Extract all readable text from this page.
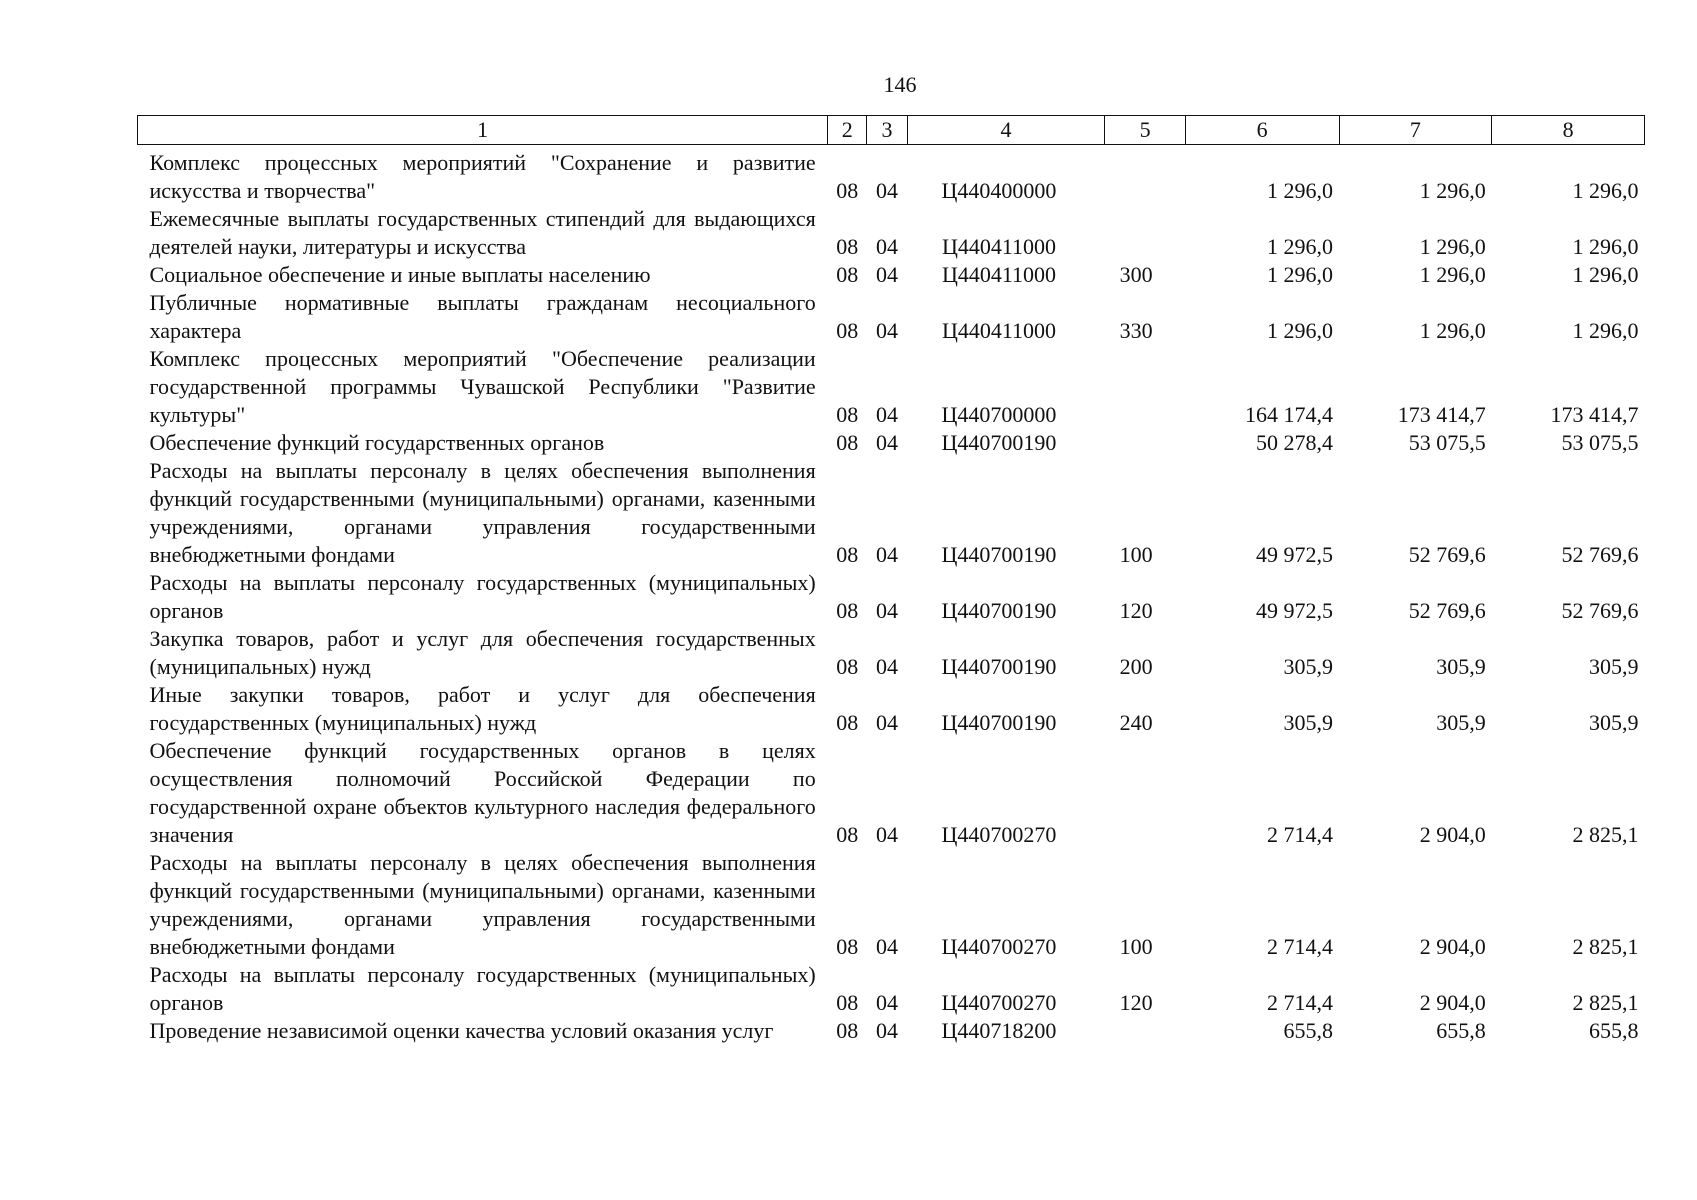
146
1	2	3	4	5	6	7	8
Комплекс процессных мероприятий "Сохранение и развитие искусства и творчества"	08	04	Ц440400000		1 296,0	1 296,0	1 296,0
Ежемесячные выплаты государственных стипендий для выдающихся деятелей науки, литературы и искусства	08	04	Ц440411000		1 296,0	1 296,0	1 296,0
Социальное обеспечение и иные выплаты населению	08	04	Ц440411000	300	1 296,0	1 296,0	1 296,0
Публичные нормативные выплаты гражданам несоциального характера	08	04	Ц440411000	330	1 296,0	1 296,0	1 296,0
Комплекс процессных мероприятий "Обеспечение реализации государственной программы Чувашской Республики "Развитие культуры"	08	04	Ц440700000		164 174,4	173 414,7	173 414,7
Обеспечение функций государственных органов	08	04	Ц440700190		50 278,4	53 075,5	53 075,5
Расходы на выплаты персоналу в целях обеспечения выполнения функций государственными (муниципальными) органами, казенными учреждениями, органами управления государственными внебюджетными фондами	08	04	Ц440700190	100	49 972,5	52 769,6	52 769,6
Расходы на выплаты персоналу государственных (муниципальных) органов	08	04	Ц440700190	120	49 972,5	52 769,6	52 769,6
Закупка товаров, работ и услуг для обеспечения государственных (муниципальных) нужд	08	04	Ц440700190	200	305,9	305,9	305,9
Иные закупки товаров, работ и услуг для обеспечения государственных (муниципальных) нужд	08	04	Ц440700190	240	305,9	305,9	305,9
Обеспечение функций государственных органов в целях осуществления полномочий Российской Федерации по государственной охране объектов культурного наследия федерального значения	08	04	Ц440700270		2 714,4	2 904,0	2 825,1
Расходы на выплаты персоналу в целях обеспечения выполнения функций государственными (муниципальными) органами, казенными учреждениями, органами управления государственными внебюджетными фондами	08	04	Ц440700270	100	2 714,4	2 904,0	2 825,1
Расходы на выплаты персоналу государственных (муниципальных) органов	08	04	Ц440700270	120	2 714,4	2 904,0	2 825,1
Проведение независимой оценки качества условий оказания услуг	08	04	Ц440718200		655,8	655,8	655,8
